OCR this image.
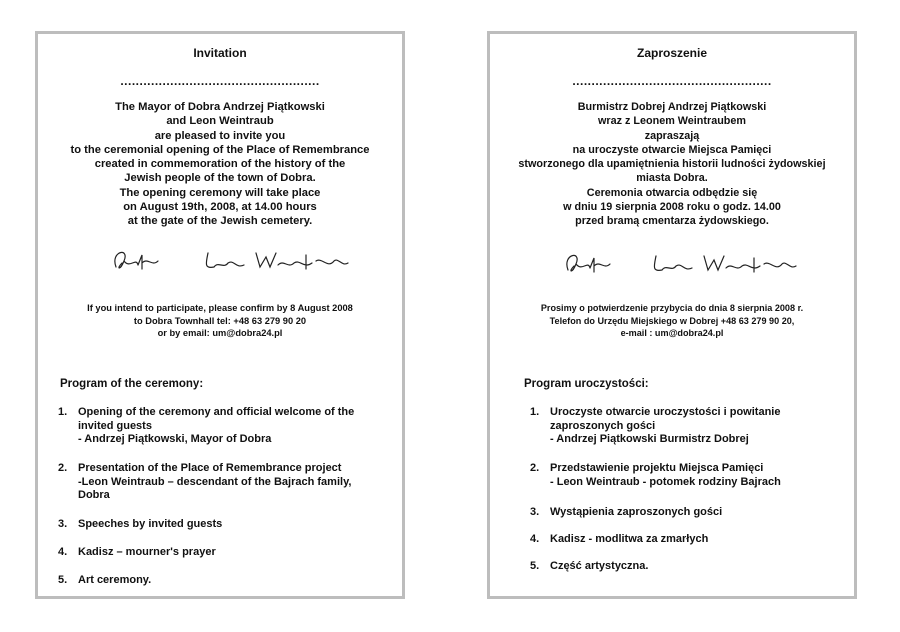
Invitation
....................................................
The Mayor of Dobra Andrzej Piątkowski
and Leon Weintraub
are pleased to invite you
to the ceremonial opening of the Place of Remembrance
created in commemoration of the history of the
Jewish people of the town of Dobra.
The opening ceremony will take place
on August 19th, 2008, at 14.00 hours
at the gate of the Jewish cemetery.
If you intend to participate, please confirm by 8 August 2008
to Dobra Townhall tel: +48 63 279 90 20
or by email: um@dobra24.pl
Program of the ceremony:
1. Opening of the ceremony and official welcome of the
invited guests
- Andrzej Piątkowski, Mayor of Dobra
2. Presentation of the Place of Remembrance project
-Leon Weintraub – descendant of the Bajrach family,
Dobra
3. Speeches by invited guests
4. Kadisz – mourner's prayer
5. Art ceremony.
Zaproszenie
....................................................
Burmistrz Dobrej Andrzej Piątkowski
wraz z Leonem Weintraubem
zapraszają
na uroczyste otwarcie Miejsca Pamięci
stworzonego dla upamiętnienia historii ludności żydowskiej
miasta Dobra.
Ceremonia otwarcia odbędzie się
w dniu 19 sierpnia 2008 roku o godz. 14.00
przed bramą cmentarza żydowskiego.
Prosimy o potwierdzenie przybycia do dnia 8 sierpnia 2008 r.
Telefon do Urzędu Miejskiego w Dobrej +48 63 279 90 20,
e-mail : um@dobra24.pl
Program uroczystości:
1. Uroczyste otwarcie uroczystości i powitanie
zaproszonych gości
- Andrzej Piątkowski Burmistrz Dobrej
2. Przedstawienie projektu Miejsca Pamięci
- Leon Weintraub - potomek rodziny Bajrach
3. Wystąpienia zaproszonych gości
4. Kadisz - modlitwa za zmarłych
5. Część artystyczna.
